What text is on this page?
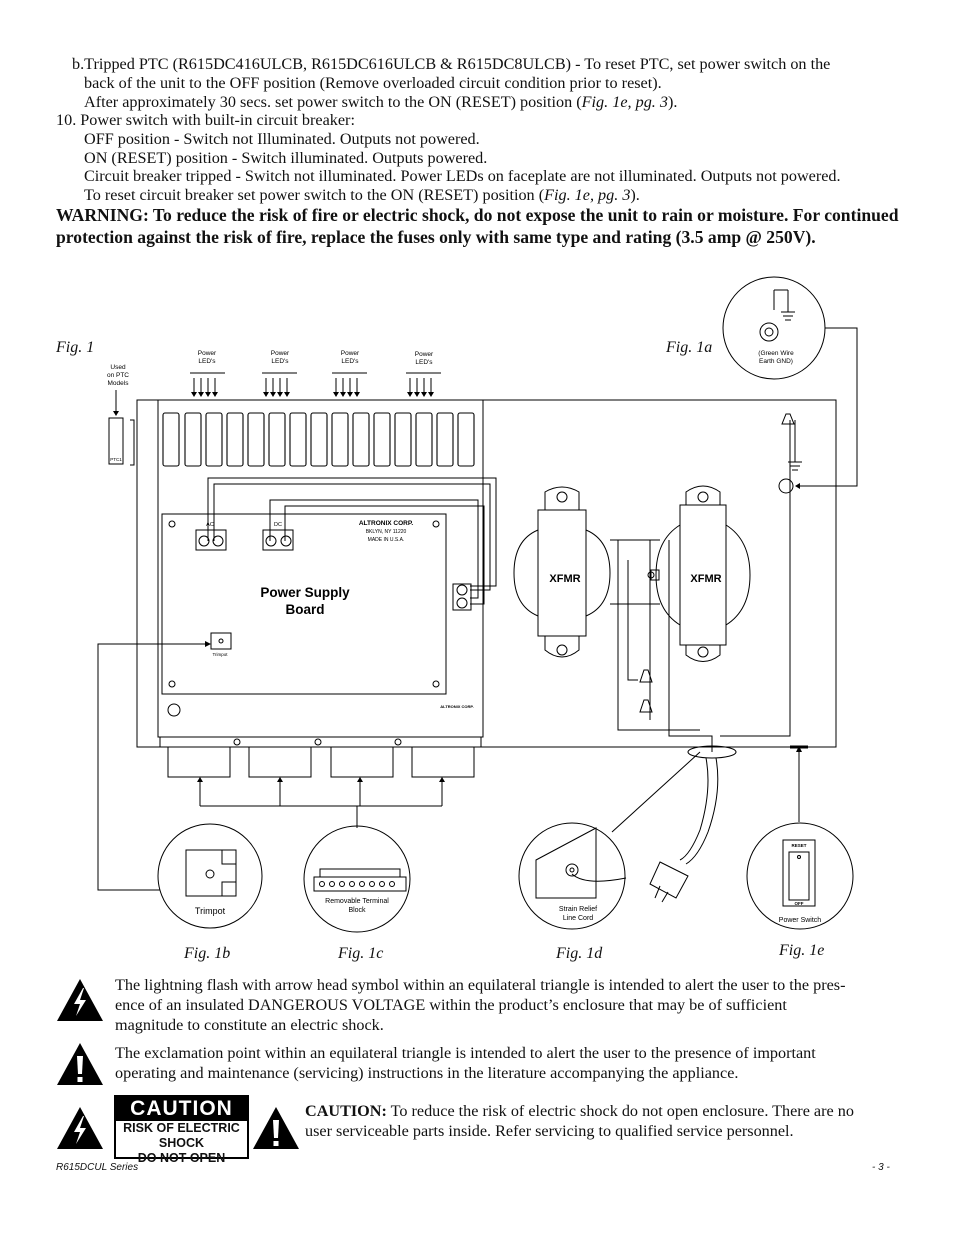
b.Tripped PTC (R615DC416ULCB, R615DC616ULCB & R615DC8ULCB) - To reset PTC, set power switch on the
back of the unit to the OFF position (Remove overloaded circuit condition prior to reset).
After approximately 30 secs. set power switch to the ON (RESET) position (Fig. 1e, pg. 3).
10. Power switch with built-in circuit breaker:
OFF position - Switch not Illuminated. Outputs not powered.
ON (RESET) position - Switch illuminated. Outputs powered.
Circuit breaker tripped - Switch not illuminated. Power LEDs on faceplate are not illuminated. Outputs not powered.
To reset circuit breaker set power switch to the ON (RESET) position (Fig. 1e, pg. 3).
WARNING: To reduce the risk of fire or electric shock, do not expose the unit to rain or moisture. For continued protection against the risk of fire, replace the fuses only with same type and rating (3.5 amp @ 250V).
Fig. 1	Fig. 1a
Fig. 1b	Fig. 1c	Fig. 1d	Fig. 1e
Used
on PTC
Models
PTC1
Power
LED's
Power
LED's
Power
LED's
Power
LED's
AC	DC	ALTRONIX CORP.
BKLYN, NY 11220
MADE IN U.S.A.
Power Supply
Board
Trimpot
ALTRONIX CORP.
XFMR	XFMR
(Green Wire
Earth GND)
Trimpot
Removable Terminal
Block	Strain Relief
Line Cord
RESET
OFF
Power Switch
The lightning flash with arrow head symbol within an equilateral triangle is intended to alert the user to the pres-
ence of an insulated DANGEROUS VOLTAGE within the product’s enclosure that may be of sufficient
magnitude to constitute an electric shock.
The exclamation point within an equilateral triangle is intended to alert the user to the presence of important
operating and maintenance (servicing) instructions in the literature accompanying the appliance.
CAUTION
RISK OF ELECTRIC SHOCK
DO NOT OPEN
CAUTION: To reduce the risk of electric shock do not open enclosure. There are no
user serviceable parts inside. Refer servicing to qualified service personnel.
R615DCUL Series	- 3 -
